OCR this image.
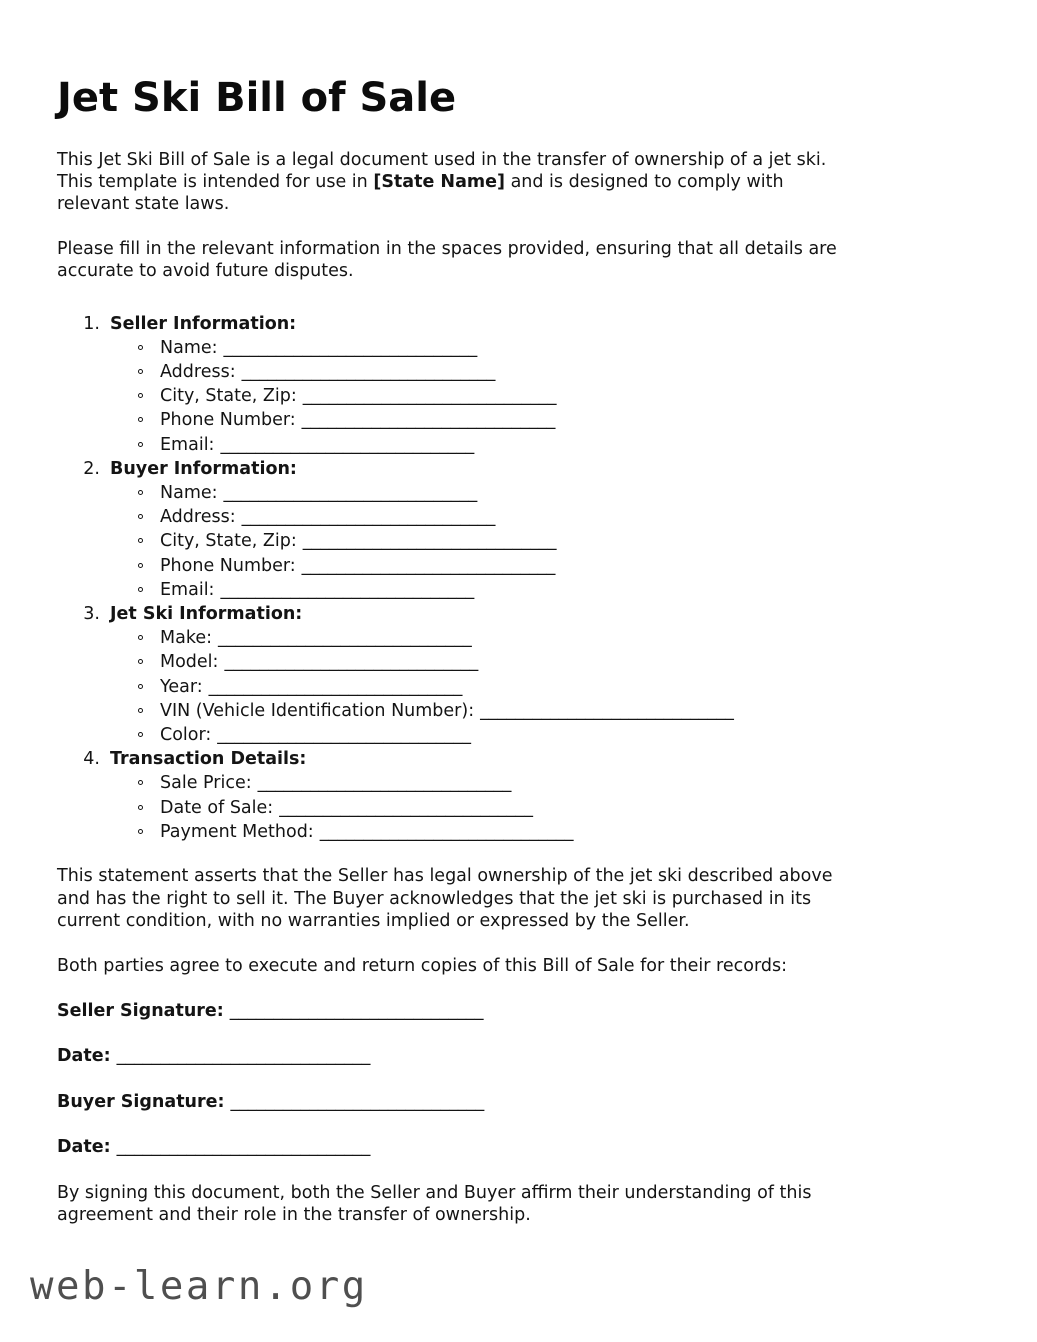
Jet Ski Bill of Sale

This Jet Ski Bill of Sale is a legal document used in the transfer of ownership of a jet ski.
This template is intended for use in [State Name] and is designed to comply with
relevant state laws.

Please fill in the relevant information in the spaces provided, ensuring that all details are
accurate to avoid future disputes.

1. Seller Information:
Name: _____________________________
Address: _____________________________
City, State, Zip: _____________________________
Phone Number: _____________________________
Email: _____________________________
2. Buyer Information:
Name: _____________________________
Address: _____________________________
City, State, Zip: _____________________________
Phone Number: _____________________________
Email: _____________________________
3. Jet Ski Information:
Make: _____________________________
Model: _____________________________
Year: _____________________________
VIN (Vehicle Identification Number): _____________________________
Color: _____________________________
4. Transaction Details:
Sale Price: _____________________________
Date of Sale: _____________________________
Payment Method: _____________________________

This statement asserts that the Seller has legal ownership of the jet ski described above
and has the right to sell it. The Buyer acknowledges that the jet ski is purchased in its
current condition, with no warranties implied or expressed by the Seller.

Both parties agree to execute and return copies of this Bill of Sale for their records:

Seller Signature: _____________________________

Date: _____________________________

Buyer Signature: _____________________________

Date: _____________________________

By signing this document, both the Seller and Buyer affirm their understanding of this
agreement and their role in the transfer of ownership.

web-learn.org
